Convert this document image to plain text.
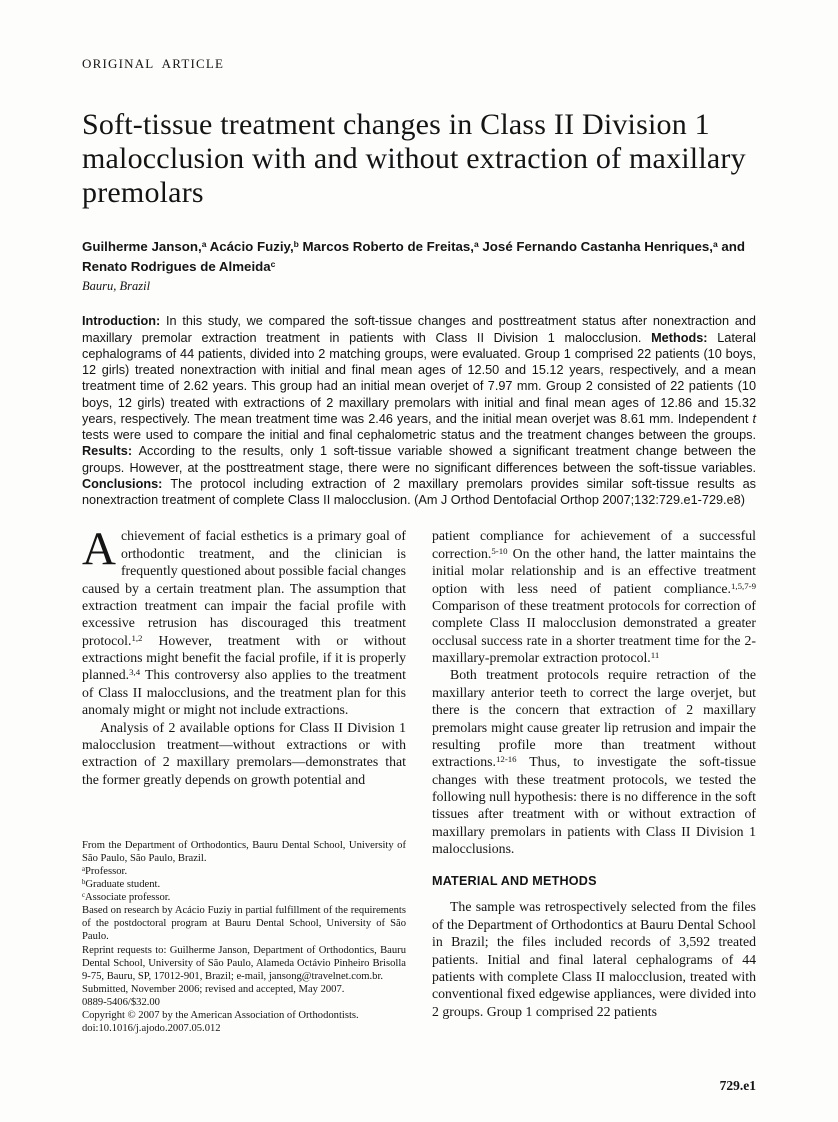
ORIGINAL ARTICLE
Soft-tissue treatment changes in Class II Division 1 malocclusion with and without extraction of maxillary premolars
Guilherme Janson,$^a$ Acácio Fuziy,$^b$ Marcos Roberto de Freitas,$^a$ José Fernando Castanha Henriques,$^a$ and Renato Rodrigues de Almeida$^c$
Bauru, Brazil
Introduction: In this study, we compared the soft-tissue changes and posttreatment status after nonextraction and maxillary premolar extraction treatment in patients with Class II Division 1 malocclusion. Methods: Lateral cephalograms of 44 patients, divided into 2 matching groups, were evaluated. Group 1 comprised 22 patients (10 boys, 12 girls) treated nonextraction with initial and final mean ages of 12.50 and 15.12 years, respectively, and a mean treatment time of 2.62 years. This group had an initial mean overjet of 7.97 mm. Group 2 consisted of 22 patients (10 boys, 12 girls) treated with extractions of 2 maxillary premolars with initial and final mean ages of 12.86 and 15.32 years, respectively. The mean treatment time was 2.46 years, and the initial mean overjet was 8.61 mm. Independent t tests were used to compare the initial and final cephalometric status and the treatment changes between the groups. Results: According to the results, only 1 soft-tissue variable showed a significant treatment change between the groups. However, at the posttreatment stage, there were no significant differences between the soft-tissue variables. Conclusions: The protocol including extraction of 2 maxillary premolars provides similar soft-tissue results as nonextraction treatment of complete Class II malocclusion. (Am J Orthod Dentofacial Orthop 2007;132:729.e1-729.e8)

Achievement of facial esthetics is a primary goal of orthodontic treatment, and the clinician is frequently questioned about possible facial changes caused by a certain treatment plan. The assumption that extraction treatment can impair the facial profile with excessive retrusion has discouraged this treatment protocol.$^{1,2}$ However, treatment with or without extractions might benefit the facial profile, if it is properly planned.$^{3,4}$ This controversy also applies to the treatment of Class II malocclusions, and the treatment plan for this anomaly might or might not include extractions.

Analysis of 2 available options for Class II Division 1 malocclusion treatment—without extractions or with extraction of 2 maxillary premolars—demonstrates that the former greatly depends on growth potential and

From the Department of Orthodontics, Bauru Dental School, University of São Paulo, São Paulo, Brazil.

$^a$Professor.

$^b$Graduate student.

$^c$Associate professor.

Based on research by Acácio Fuziy in partial fulfillment of the requirements of the postdoctoral program at Bauru Dental School, University of São Paulo.

Reprint requests to: Guilherme Janson, Department of Orthodontics, Bauru Dental School, University of São Paulo, Alameda Octávio Pinheiro Brisolla 9-75, Bauru, SP, 17012-901, Brazil; e-mail, jansong@travelnet.com.br.

Submitted, November 2006; revised and accepted, May 2007.

0889-5406/$32.00

Copyright © 2007 by the American Association of Orthodontists.

doi:10.1016/j.ajodo.2007.05.012

patient compliance for achievement of a successful correction.$^{5-10}$ On the other hand, the latter maintains the initial molar relationship and is an effective treatment option with less need of patient compliance.$^{1,5,7-9}$ Comparison of these treatment protocols for correction of complete Class II malocclusion demonstrated a greater occlusal success rate in a shorter treatment time for the 2-maxillary-premolar extraction protocol.$^{11}$

Both treatment protocols require retraction of the maxillary anterior teeth to correct the large overjet, but there is the concern that extraction of 2 maxillary premolars might cause greater lip retrusion and impair the resulting profile more than treatment without extractions.$^{12-16}$ Thus, to investigate the soft-tissue changes with these treatment protocols, we tested the following null hypothesis: there is no difference in the soft tissues after treatment with or without extraction of maxillary premolars in patients with Class II Division 1 malocclusions.

MATERIAL AND METHODS

The sample was retrospectively selected from the files of the Department of Orthodontics at Bauru Dental School in Brazil; the files included records of 3,592 treated patients. Initial and final lateral cephalograms of 44 patients with complete Class II malocclusion, treated with conventional fixed edgewise appliances, were divided into 2 groups. Group 1 comprised 22 patients

729.e1
